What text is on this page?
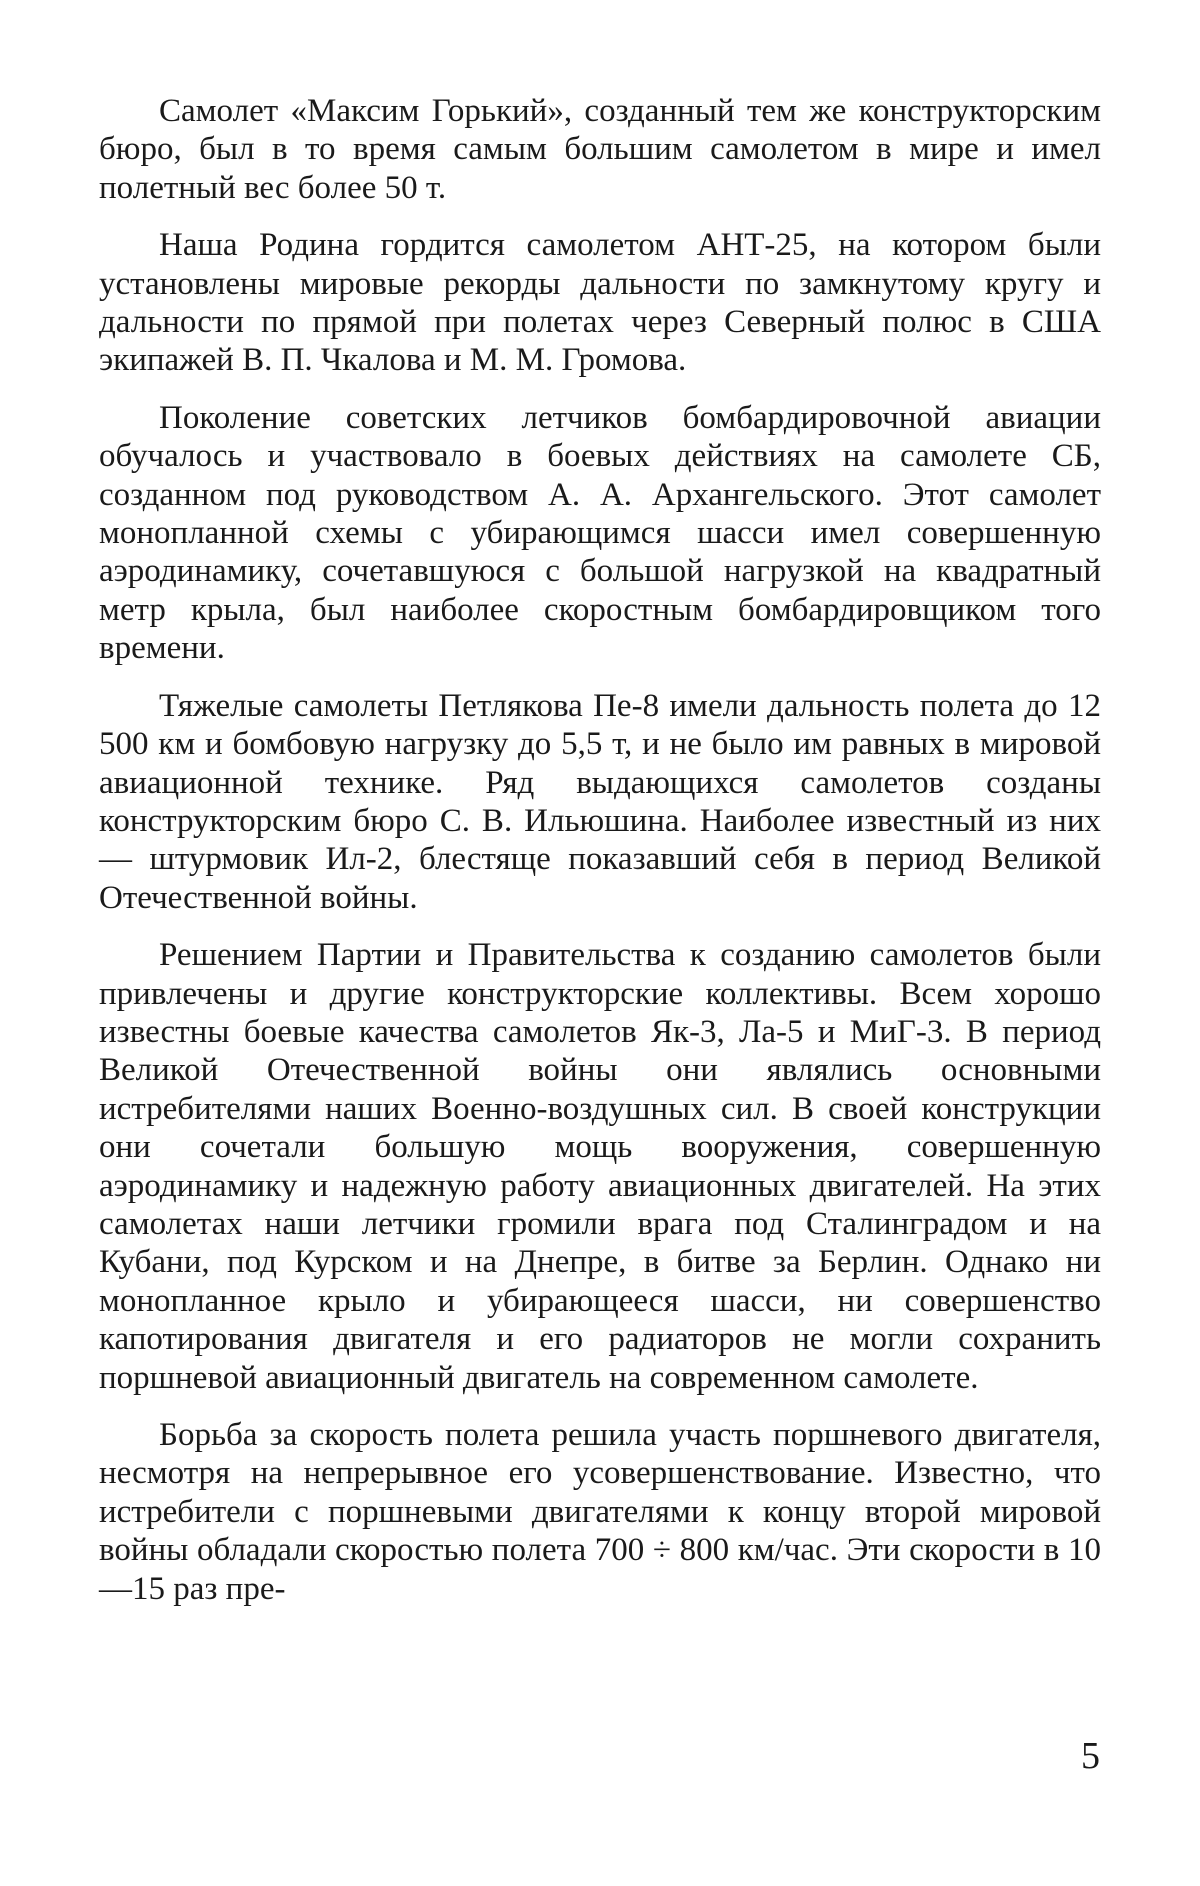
Самолет «Максим Горький», созданный тем же конструкторским бюро, был в то время самым большим самолетом в мире и имел полетный вес более 50 т.

Наша Родина гордится самолетом АНТ-25, на котором были установлены мировые рекорды дальности по замкнутому кругу и дальности по прямой при полетах через Северный полюс в США экипажей В. П. Чкалова и М. М. Громова.

Поколение советских летчиков бомбардировочной авиации обучалось и участвовало в боевых действиях на самолете СБ, созданном под руководством А. А. Архангельского. Этот самолет монопланной схемы с убирающимся шасси имел совершенную аэродинамику, сочетавшуюся с большой нагрузкой на квадратный метр крыла, был наиболее скоростным бомбардировщиком того времени.

Тяжелые самолеты Петлякова Пе-8 имели дальность полета до 12 500 км и бомбовую нагрузку до 5,5 т, и не было им равных в мировой авиационной технике. Ряд выдающихся самолетов созданы конструкторским бюро С. В. Ильюшина. Наиболее известный из них — штурмовик Ил-2, блестяще показавший себя в период Великой Отечественной войны.

Решением Партии и Правительства к созданию самолетов были привлечены и другие конструкторские коллективы. Всем хорошо известны боевые качества самолетов Як-3, Ла-5 и МиГ-3. В период Великой Отечественной войны они являлись основными истребителями наших Военно-воздушных сил. В своей конструкции они сочетали большую мощь вооружения, совершенную аэродинамику и надежную работу авиационных двигателей. На этих самолетах наши летчики громили врага под Сталинградом и на Кубани, под Курском и на Днепре, в битве за Берлин. Однако ни монопланное крыло и убирающееся шасси, ни совершенство капотирования двигателя и его радиаторов не могли сохранить поршневой авиационный двигатель на современном самолете.

Борьба за скорость полета решила участь поршневого двигателя, несмотря на непрерывное его усовершенствование. Известно, что истребители с поршневыми двигателями к концу второй мировой войны обладали скоростью полета 700 ÷ 800 км/час. Эти скорости в 10—15 раз пре-

5
